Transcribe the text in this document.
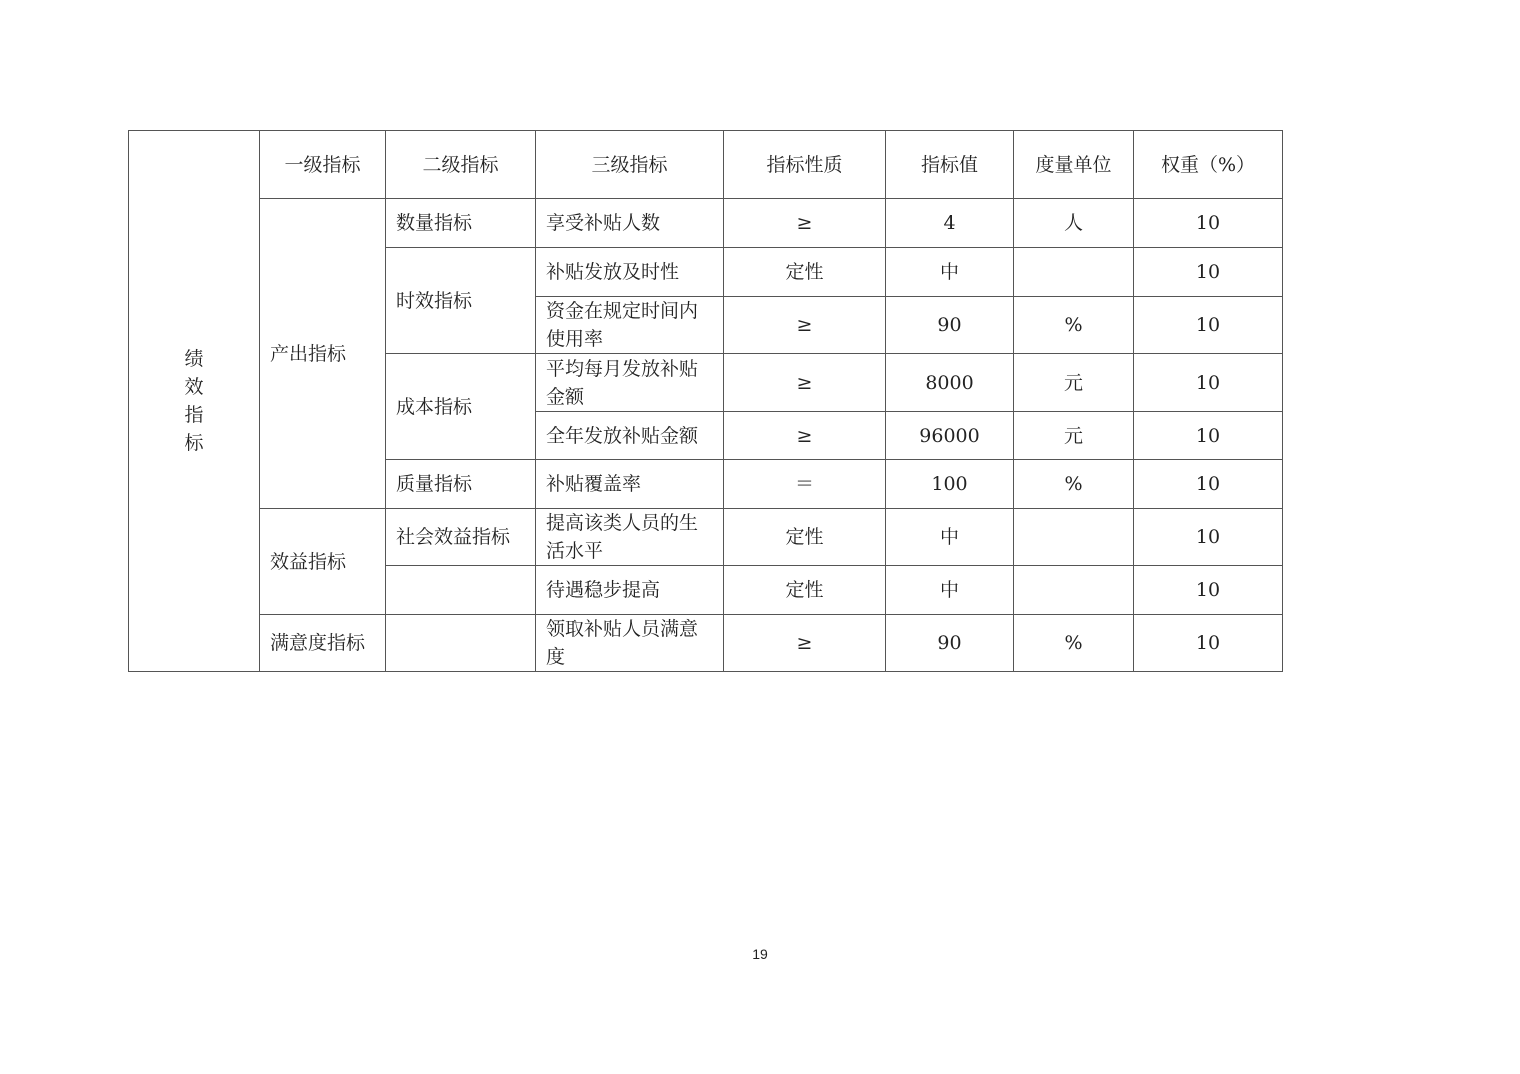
绩
效
指
标	一级指标	二级指标	三级指标	指标性质	指标值	度量单位	权重（%）
	产出指标	数量指标	享受补贴人数	≥	4	人	10
		时效指标	补贴发放及时性	定性	中		10
			资金在规定时间内使用率	≥	90	%	10
		成本指标	平均每月发放补贴金额	≥	8000	元	10
			全年发放补贴金额	≥	96000	元	10
		质量指标	补贴覆盖率	＝	100	%	10
	效益指标	社会效益指标	提高该类人员的生活水平	定性	中		10
			待遇稳步提高	定性	中		10
	满意度指标		领取补贴人员满意度	≥	90	%	10
19
